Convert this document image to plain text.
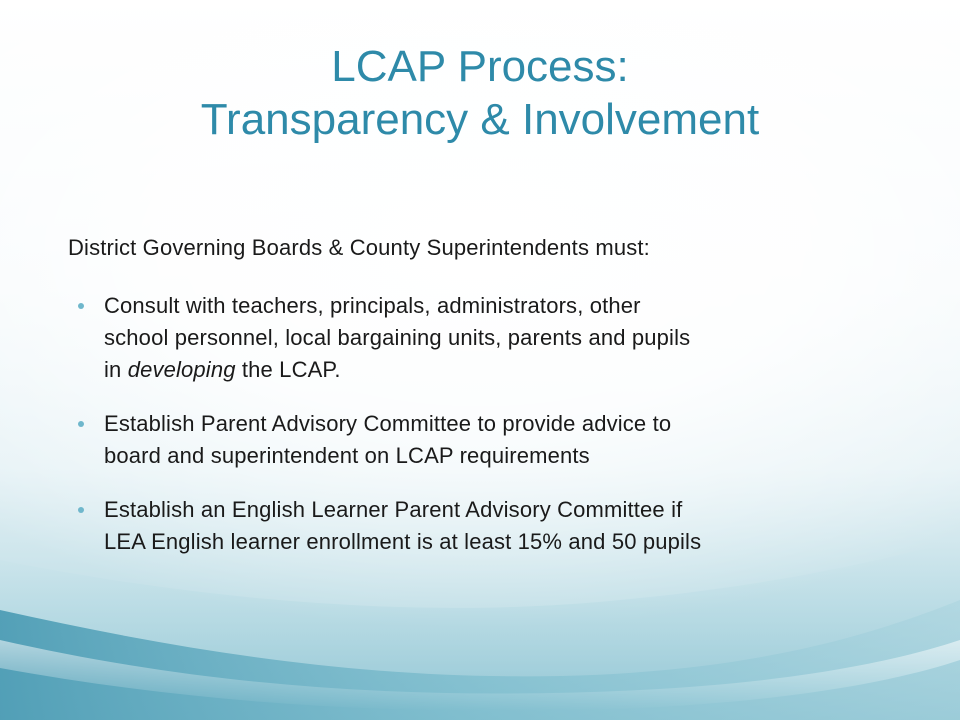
LCAP Process:
Transparency & Involvement
District Governing Boards & County Superintendents must:
Consult with teachers, principals, administrators, other
school personnel, local bargaining units, parents and pupils
in developing the LCAP.
Establish Parent Advisory Committee to provide advice to
board and superintendent on LCAP requirements
Establish an English Learner Parent Advisory Committee if
LEA English learner enrollment is at least 15% and 50 pupils
